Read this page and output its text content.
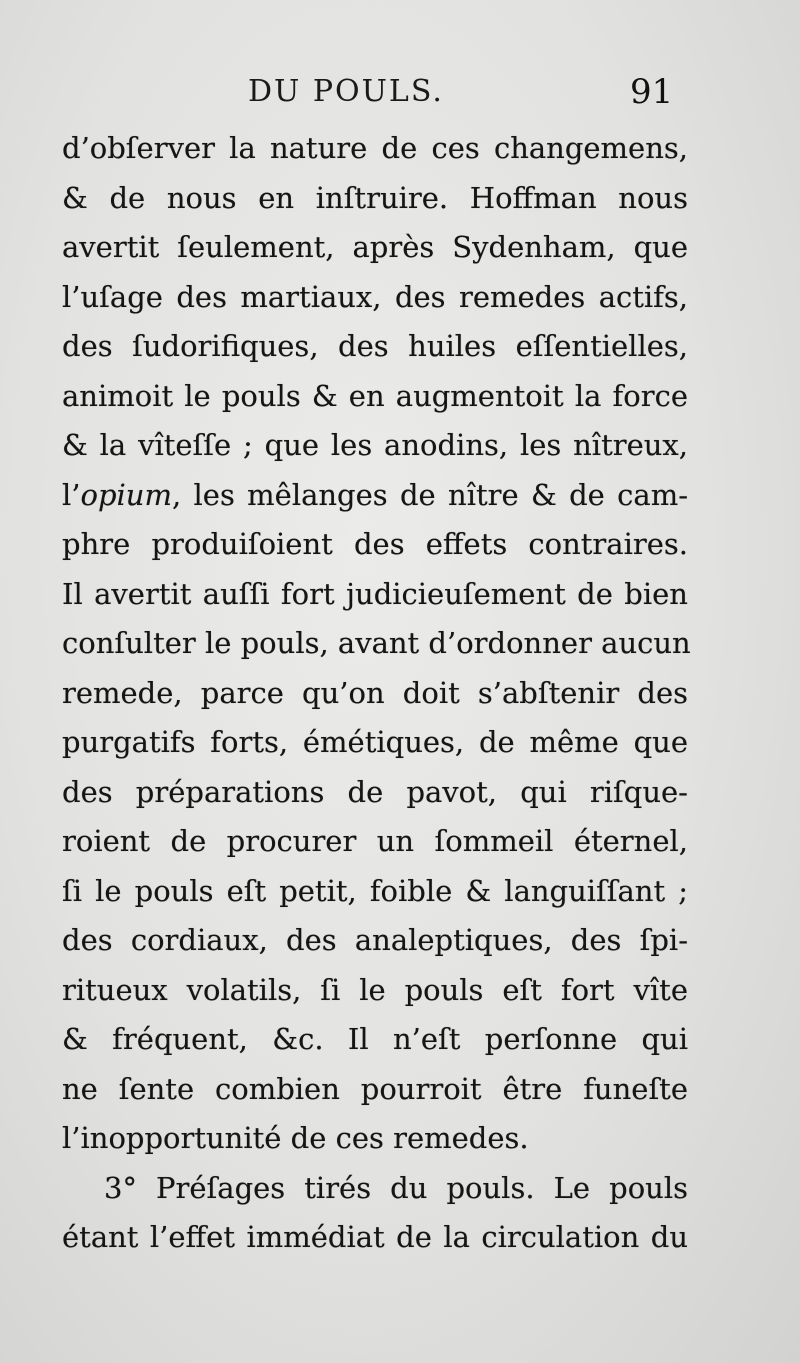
DU POULS.	91
d’obſerver la nature de ces changemens,
& de nous en inſtruire. Hoffman nous
avertit ſeulement, après Sydenham, que
l’uſage des martiaux, des remedes actifs,
des ſudorifiques, des huiles eſſentielles,
animoit le pouls & en augmentoit la force
& la vîteſſe ; que les anodins, les nîtreux,
l’opium, les mêlanges de nître & de cam-
phre produiſoient des effets contraires.
Il avertit auſſi fort judicieuſement de bien
conſulter le pouls, avant d’ordonner aucun
remede, parce qu’on doit s’abſtenir des
purgatifs forts, émétiques, de même que
des préparations de pavot, qui riſque-
roient de procurer un ſommeil éternel,
ſi le pouls eſt petit, foible & languiſſant ;
des cordiaux, des analeptiques, des ſpi-
ritueux volatils, ſi le pouls eſt fort vîte
& fréquent, &c. Il n’eſt perſonne qui
ne ſente combien pourroit être funeſte
l’inopportunité de ces remedes.
3° Préſages tirés du pouls. Le pouls
étant l’effet immédiat de la circulation du
